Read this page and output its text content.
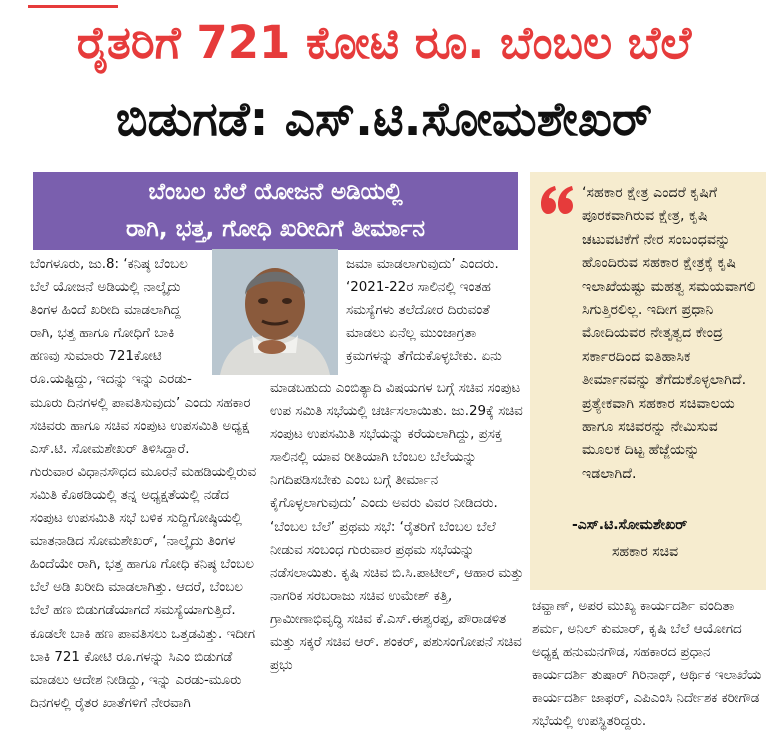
ರೈತರಿಗೆ 721 ಕೋಟಿ ರೂ. ಬೆಂಬಲ ಬೆಲೆ
ಬಿಡುಗಡೆ: ಎಸ್.ಟಿ.ಸೋಮಶೇಖರ್
ಬೆಂಬಲ ಬೆಲೆ ಯೋಜನೆ ಅಡಿಯಲ್ಲಿ
ರಾಗಿ, ಭತ್ತ, ಗೋಧಿ ಖರೀದಿಗೆ ತೀರ್ಮಾನ

ಬೆಂಗಳೂರು, ಜು.8: ‘ಕನಿಷ್ಠ ಬೆಂಬಲ ಬೆಲೆ ಯೋಜನೆ ಅಡಿಯಲ್ಲಿ ನಾಲ್ಕೈದು ತಿಂಗಳ ಹಿಂದೆ ಖರೀದಿ ಮಾಡಲಾಗಿದ್ದ ರಾಗಿ, ಭತ್ತ ಹಾಗೂ ಗೋಧಿಗೆ ಬಾಕಿ ಹಣವು ಸುಮಾರು 721ಕೋಟಿ ರೂ.ಯಷ್ಟಿದ್ದು, ಇದನ್ನು ಇನ್ನು ಎರಡು-ಮೂರು ದಿನಗಳಲ್ಲಿ ಪಾವತಿಸುವುದು’ ಎಂದು ಸಹಕಾರ ಸಚಿವರು ಹಾಗೂ ಸಚಿವ ಸಂಪುಟ ಉಪಸಮಿತಿ ಅಧ್ಯಕ್ಷ ಎಸ್.ಟಿ. ಸೋಮಶೇಖರ್ ತಿಳಿಸಿದ್ದಾರೆ.
ಗುರುವಾರ ವಿಧಾನಸೌಧದ ಮೂರನೆ ಮಹಡಿಯಲ್ಲಿರುವ ಸಮಿತಿ ಕೊಠಡಿಯಲ್ಲಿ ತನ್ನ ಅಧ್ಯಕ್ಷತೆಯಲ್ಲಿ ನಡೆದ ಸಂಪುಟ ಉಪಸಮಿತಿ ಸಭೆ ಬಳಿಕ ಸುದ್ದಿಗೋಷ್ಠಿಯಲ್ಲಿ ಮಾತನಾಡಿದ ಸೋಮಶೇಖರ್, ‘ನಾಲ್ಕೈದು ತಿಂಗಳ ಹಿಂದೆಯೇ ರಾಗಿ, ಭತ್ತ ಹಾಗೂ ಗೋಧಿ ಕನಿಷ್ಠ ಬೆಂಬಲ ಬೆಲೆ ಅಡಿ ಖರೀದಿ ಮಾಡಲಾಗಿತ್ತು. ಆದರೆ, ಬೆಂಬಲ ಬೆಲೆ ಹಣ ಬಿಡುಗಡೆಯಾಗದೆ ಸಮಸ್ಯೆಯಾಗುತ್ತಿದೆ. ಕೂಡಲೇ ಬಾಕಿ ಹಣ ಪಾವತಿಸಲು ಒತ್ತಡವಿತ್ತು. ಇದೀಗ ಬಾಕಿ 721 ಕೋಟಿ ರೂ.ಗಳನ್ನು ಸಿಎಂ ಬಿಡುಗಡೆ ಮಾಡಲು ಆದೇಶ ನೀಡಿದ್ದು, ಇನ್ನು ಎರಡು-ಮೂರು ದಿನಗಳಲ್ಲಿ ರೈತರ ಖಾತೆಗಳಿಗೆ ನೇರವಾಗಿ

ಜಮಾ ಮಾಡಲಾಗುವುದು’ ಎಂದರು.
‘2021-22ರ ಸಾಲಿನಲ್ಲಿ ಇಂತಹ ಸಮಸ್ಯೆಗಳು ತಲೆದೋರ ದಿರುವಂತೆ ಮಾಡಲು ಏನೆಲ್ಲ ಮುಂಜಾಗ್ರತಾ ಕ್ರಮಗಳನ್ನು ತೆಗೆದುಕೊಳ್ಳಬೇಕು. ಏನು

ಮಾಡಬಹುದು ಎಂಬಿತ್ಯಾದಿ ವಿಷಯಗಳ ಬಗ್ಗೆ ಸಚಿವ ಸಂಪುಟ ಉಪ ಸಮಿತಿ ಸಭೆಯಲ್ಲಿ ಚರ್ಚಿಸಲಾಯಿತು. ಜು.29ಕ್ಕೆ ಸಚಿವ ಸಂಪುಟ ಉಪಸಮಿತಿ ಸಭೆಯನ್ನು ಕರೆಯಲಾಗಿದ್ದು, ಪ್ರಸಕ್ತ ಸಾಲಿನಲ್ಲಿ ಯಾವ ರೀತಿಯಾಗಿ ಬೆಂಬಲ ಬೆಲೆಯನ್ನು ನಿಗದಿಪಡಿಸಬೇಕು ಎಂಬ ಬಗ್ಗೆ ತೀರ್ಮಾನ ಕೈಗೊಳ್ಳಲಾಗುವುದು’ ಎಂದು ಅವರು ವಿವರ ನೀಡಿದರು.
‘ಬೆಂಬಲ ಬೆಲೆ’ ಪ್ರಥಮ ಸಭೆ: ‘ರೈತರಿಗೆ ಬೆಂಬಲ ಬೆಲೆ ನೀಡುವ ಸಂಬಂಧ ಗುರುವಾರ ಪ್ರಥಮ ಸಭೆಯನ್ನು ನಡೆಸಲಾಯಿತು. ಕೃಷಿ ಸಚಿವ ಬಿ.ಸಿ.ಪಾಟೀಲ್, ಆಹಾರ ಮತ್ತು ನಾಗರಿಕ ಸರಬರಾಜು ಸಚಿವ ಉಮೇಶ್ ಕತ್ತಿ, ಗ್ರಾಮೀಣಾಭಿವೃದ್ಧಿ ಸಚಿವ ಕೆ.ಎಸ್.ಈಶ್ವರಪ್ಪ, ಪೌರಾಡಳಿತ ಮತ್ತು ಸಕ್ಕರೆ ಸಚಿವ ಆರ್. ಶಂಕರ್, ಪಶುಸಂಗೋಪನೆ ಸಚಿವ ಪ್ರಭು

‘ಸಹಕಾರ ಕ್ಷೇತ್ರ ಎಂದರೆ ಕೃಷಿಗೆ ಪೂರಕವಾಗಿರುವ ಕ್ಷೇತ್ರ, ಕೃಷಿ ಚಟುವಟಿಕೆಗೆ ನೇರ ಸಂಬಂಧವನ್ನು ಹೊಂದಿರುವ ಸಹಕಾರ ಕ್ಷೇತ್ರಕ್ಕೆ ಕೃಷಿ ಇಲಾಖೆಯಷ್ಟು ಮಹತ್ವ ಸಮಯವಾಗಲಿ ಸಿಗುತ್ತಿರಲಿಲ್ಲ. ಇದೀಗ ಪ್ರಧಾನಿ ಮೋದಿಯವರ ನೇತೃತ್ವದ ಕೇಂದ್ರ ಸರ್ಕಾರದಿಂದ ಐತಿಹಾಸಿಕ ತೀರ್ಮಾನವನ್ನು ತೆಗೆದುಕೊಳ್ಳಲಾಗಿದೆ. ಪ್ರತ್ಯೇಕವಾಗಿ ಸಹಕಾರ ಸಚಿವಾಲಯ ಹಾಗೂ ಸಚಿವರನ್ನು ನೇಮಿಸುವ ಮೂಲಕ ದಿಟ್ಟ ಹೆಜ್ಜೆಯನ್ನು ಇಡಲಾಗಿದೆ.
-ಎಸ್.ಟಿ.ಸೋಮಶೇಖರ್
ಸಹಕಾರ ಸಚಿವ

ಚವ್ಹಾಣ್, ಅಪರ ಮುಖ್ಯ ಕಾರ್ಯದರ್ಶಿ ವಂದಿತಾ ಶರ್ಮ, ಅನಿಲ್ ಕುಮಾರ್, ಕೃಷಿ ಬೆಲೆ ಆಯೋಗದ ಅಧ್ಯಕ್ಷ ಹನುಮನಗೌಡ, ಸಹಕಾರದ ಪ್ರಧಾನ ಕಾರ್ಯದರ್ಶಿ ತುಷಾರ್ ಗಿರಿನಾಥ್, ಆರ್ಥಿಕ ಇಲಾಖೆಯ ಕಾರ್ಯದರ್ಶಿ ಜಾಫರ್, ಎಪಿಎಂಸಿ ನಿರ್ದೇಶಕ ಕರೀಗೌಡ ಸಭೆಯಲ್ಲಿ ಉಪಸ್ಥಿತರಿದ್ದರು.
